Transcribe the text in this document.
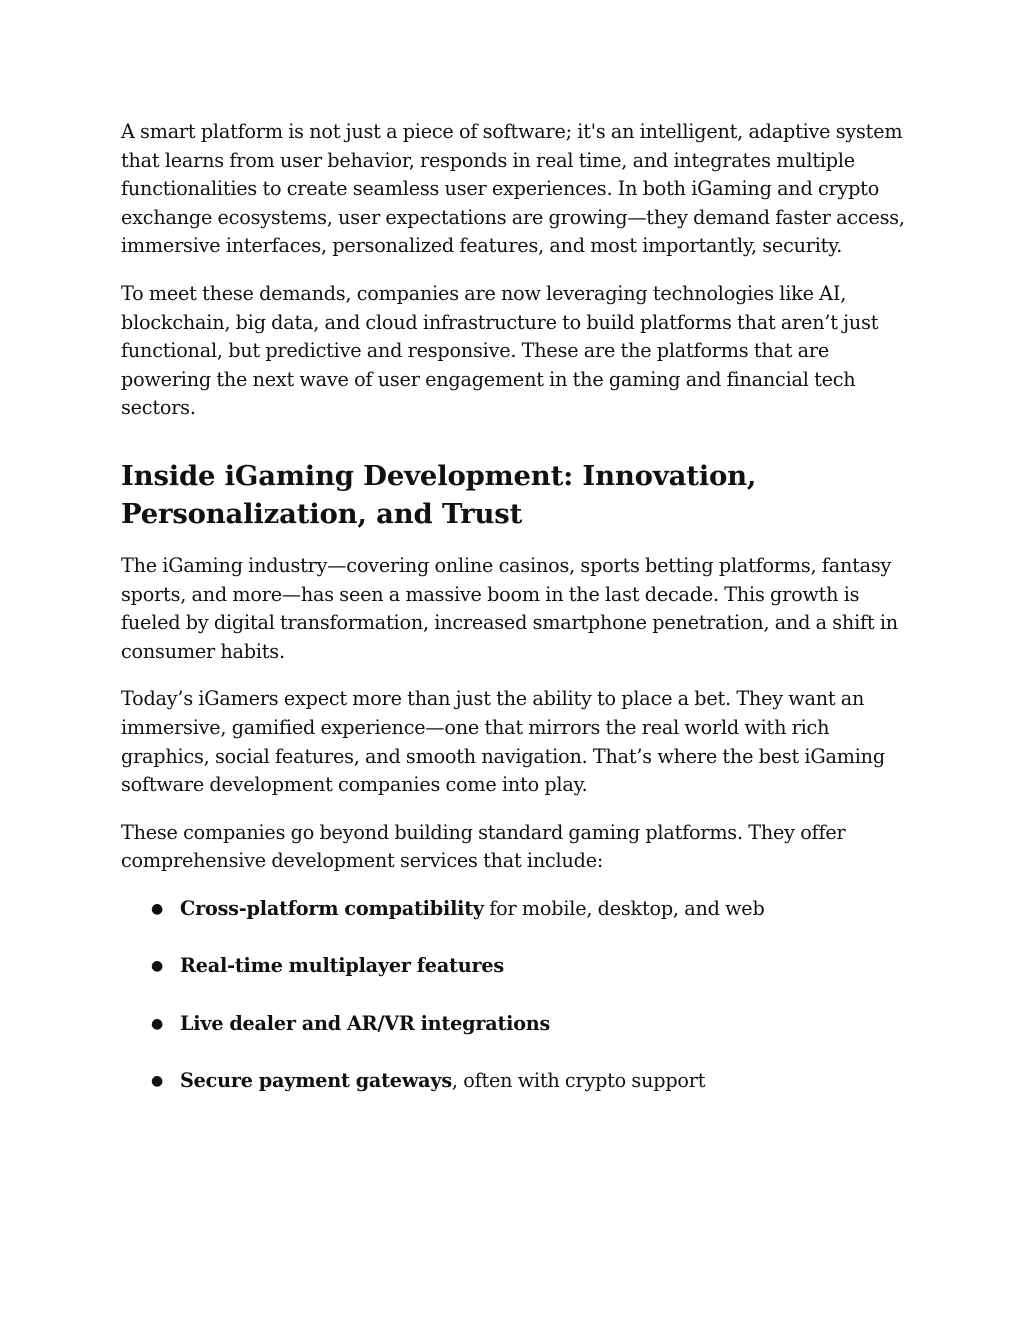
A smart platform is not just a piece of software; it's an intelligent, adaptive system that learns from user behavior, responds in real time, and integrates multiple functionalities to create seamless user experiences. In both iGaming and crypto exchange ecosystems, user expectations are growing—they demand faster access, immersive interfaces, personalized features, and most importantly, security.

To meet these demands, companies are now leveraging technologies like AI, blockchain, big data, and cloud infrastructure to build platforms that aren’t just functional, but predictive and responsive. These are the platforms that are powering the next wave of user engagement in the gaming and financial tech sectors.

Inside iGaming Development: Innovation, Personalization, and Trust

The iGaming industry—covering online casinos, sports betting platforms, fantasy sports, and more—has seen a massive boom in the last decade. This growth is fueled by digital transformation, increased smartphone penetration, and a shift in consumer habits.

Today’s iGamers expect more than just the ability to place a bet. They want an immersive, gamified experience—one that mirrors the real world with rich graphics, social features, and smooth navigation. That’s where the best iGaming software development companies come into play.

These companies go beyond building standard gaming platforms. They offer comprehensive development services that include:

● Cross-platform compatibility for mobile, desktop, and web
● Real-time multiplayer features
● Live dealer and AR/VR integrations
● Secure payment gateways, often with crypto support
